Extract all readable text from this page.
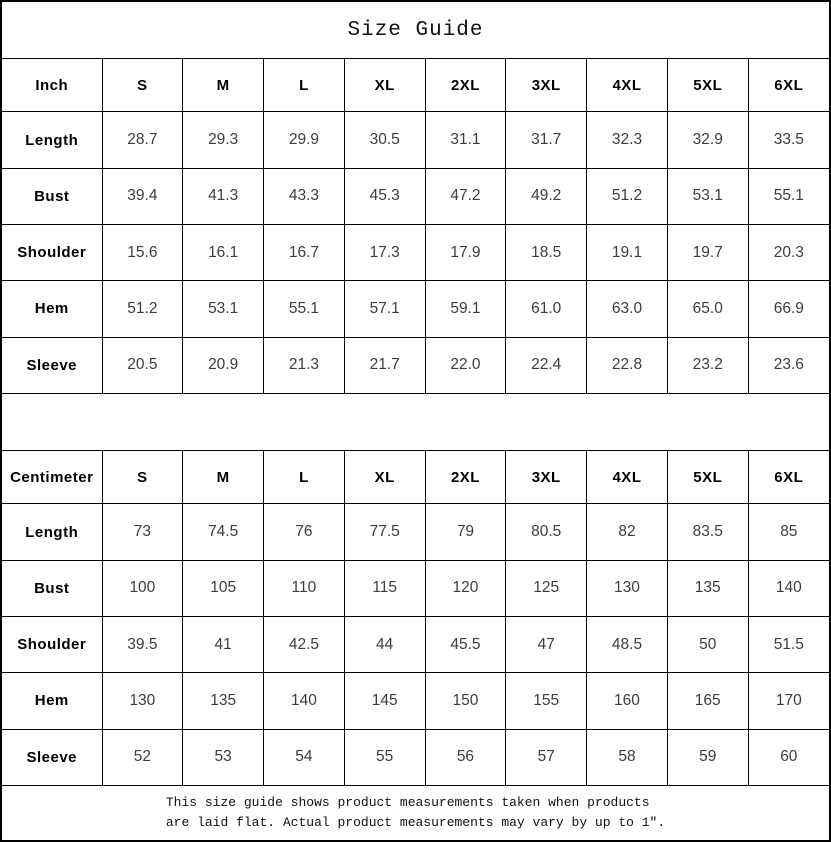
Size Guide
Inch	S	M	L	XL	2XL	3XL	4XL	5XL	6XL
Length	28.7	29.3	29.9	30.5	31.1	31.7	32.3	32.9	33.5
Bust	39.4	41.3	43.3	45.3	47.2	49.2	51.2	53.1	55.1
Shoulder	15.6	16.1	16.7	17.3	17.9	18.5	19.1	19.7	20.3
Hem	51.2	53.1	55.1	57.1	59.1	61.0	63.0	65.0	66.9
Sleeve	20.5	20.9	21.3	21.7	22.0	22.4	22.8	23.2	23.6
Centimeter	S	M	L	XL	2XL	3XL	4XL	5XL	6XL
Length	73	74.5	76	77.5	79	80.5	82	83.5	85
Bust	100	105	110	115	120	125	130	135	140
Shoulder	39.5	41	42.5	44	45.5	47	48.5	50	51.5
Hem	130	135	140	145	150	155	160	165	170
Sleeve	52	53	54	55	56	57	58	59	60
This size guide shows product measurements taken when products
are laid flat. Actual product measurements may vary by up to 1″.
